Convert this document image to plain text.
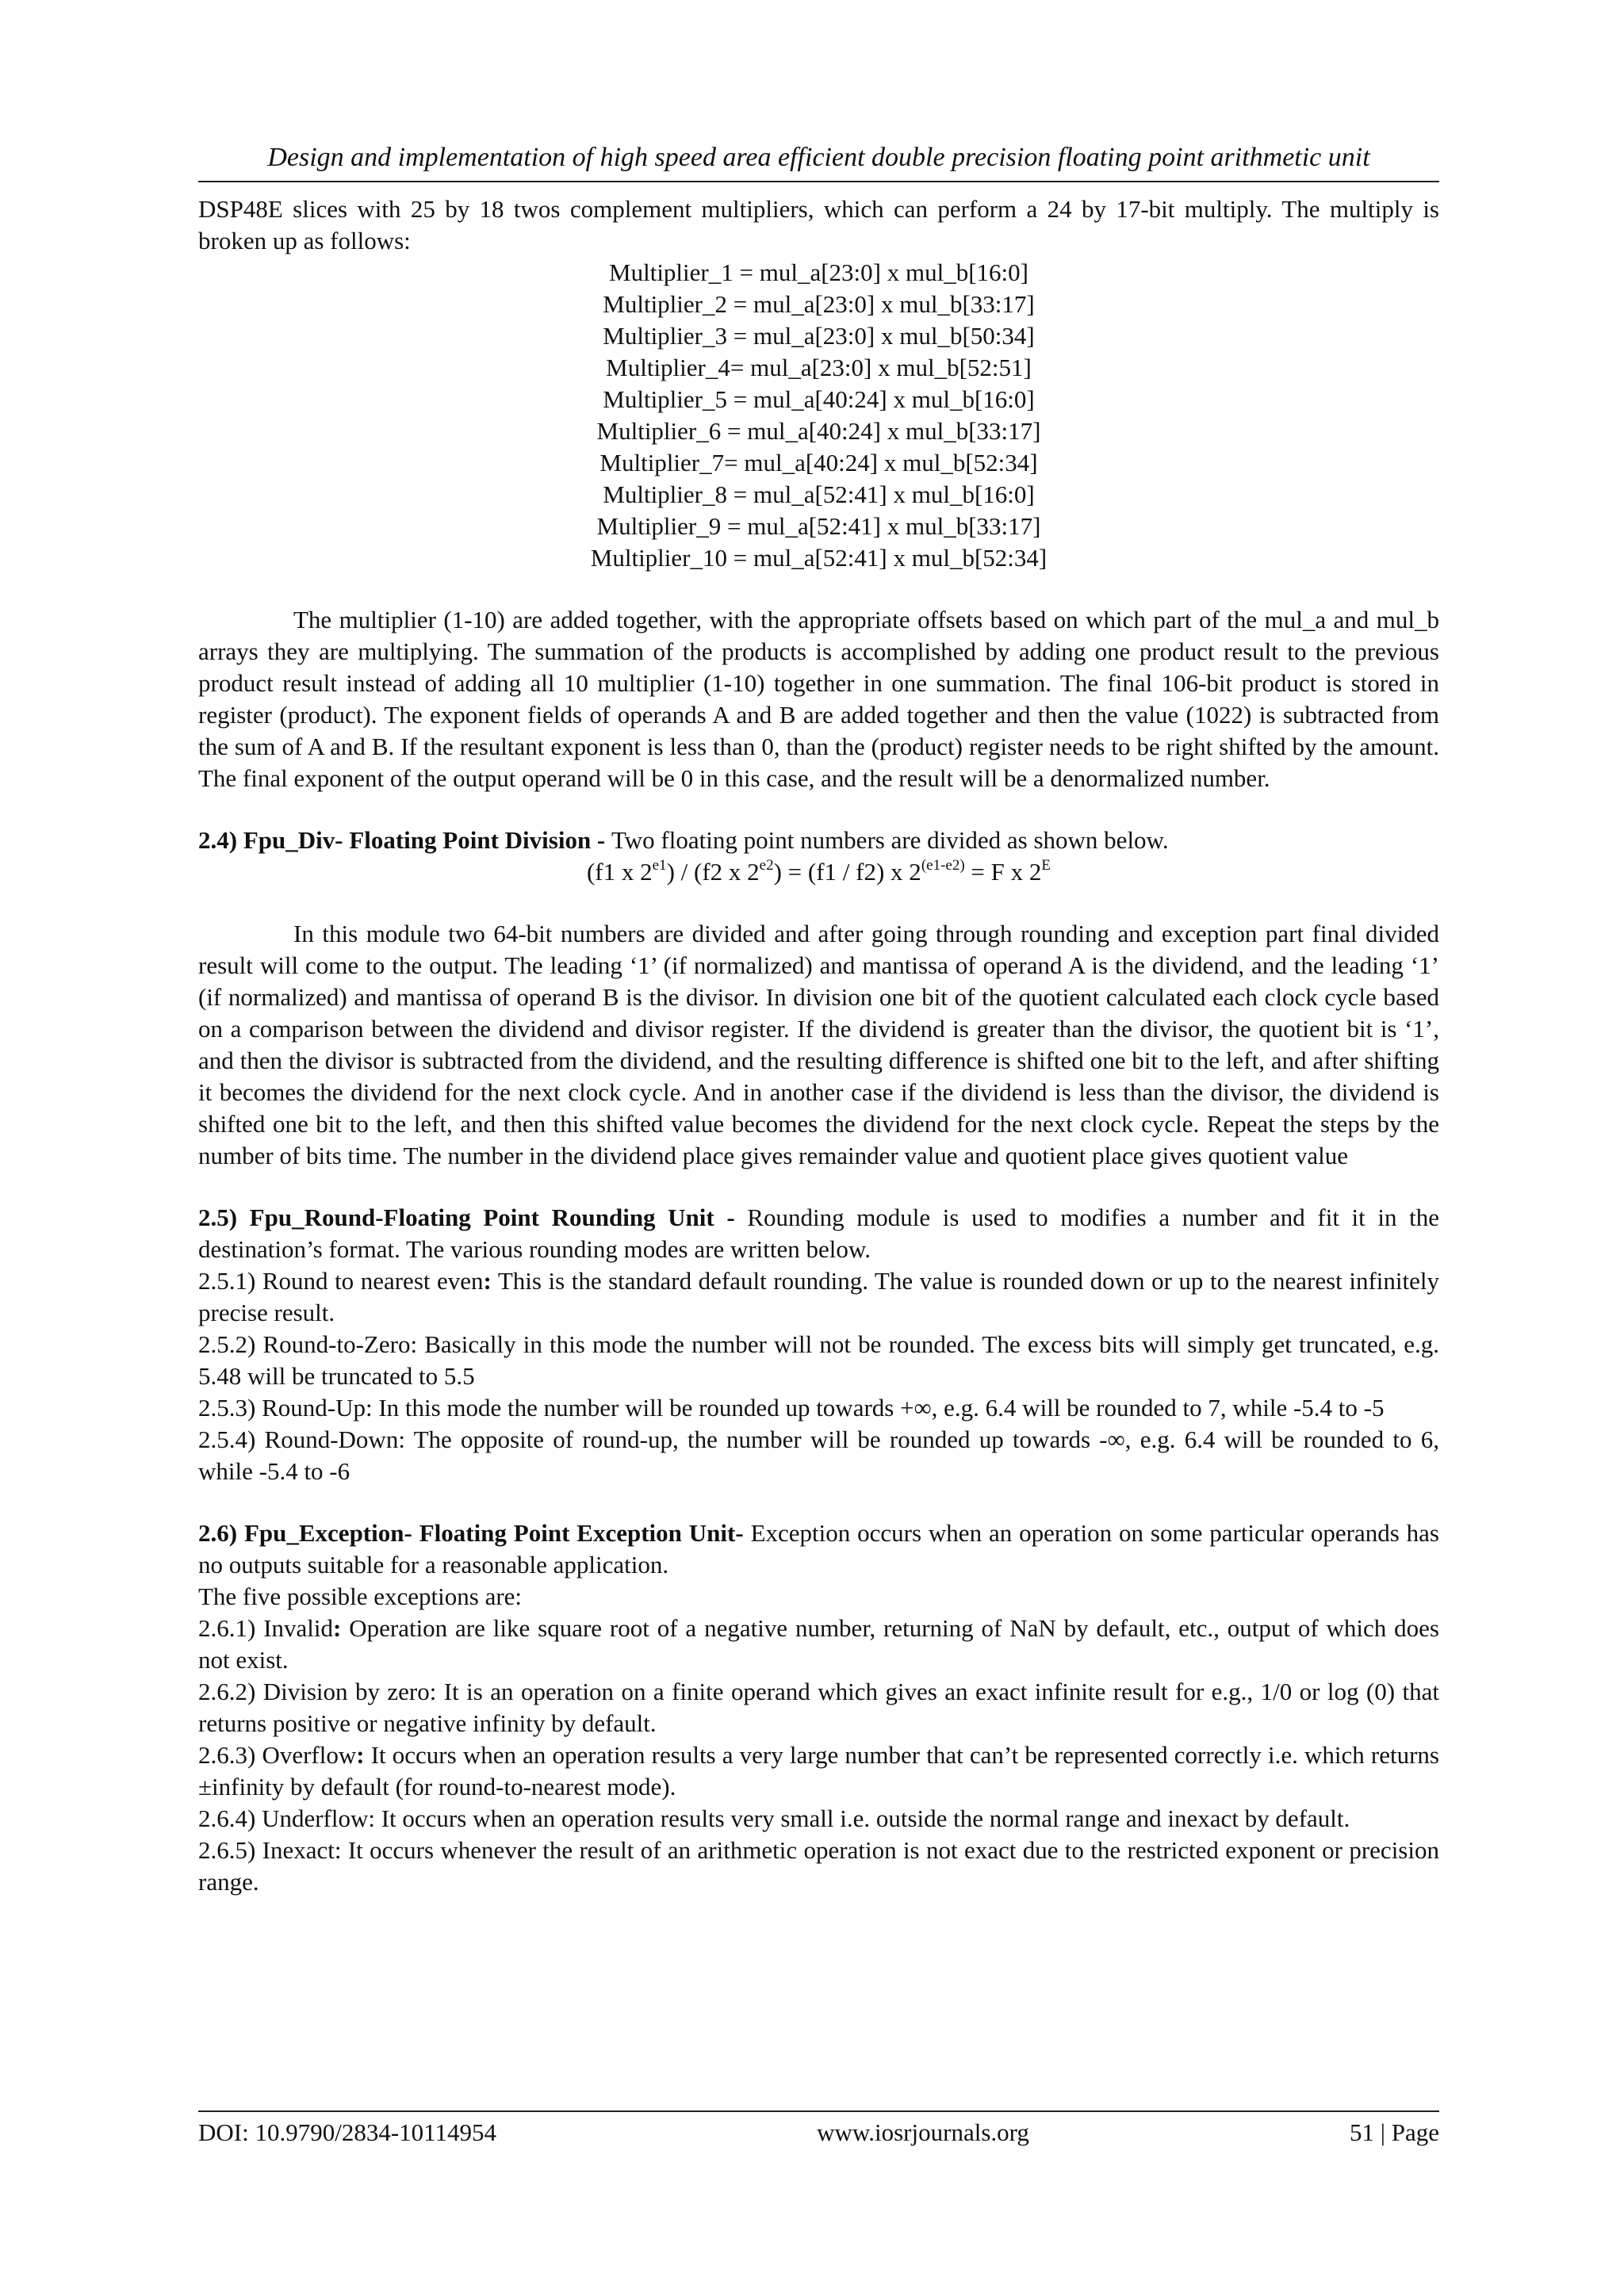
Design and implementation of high speed area efficient double precision floating point arithmetic unit

DSP48E slices with 25 by 18 twos complement multipliers, which can perform a 24 by 17-bit multiply. The multiply is broken up as follows:

Multiplier_1 = mul_a[23:0] x mul_b[16:0]
Multiplier_2 = mul_a[23:0] x mul_b[33:17]
Multiplier_3 = mul_a[23:0] x mul_b[50:34]
Multiplier_4= mul_a[23:0] x mul_b[52:51]
Multiplier_5 = mul_a[40:24] x mul_b[16:0]
Multiplier_6 = mul_a[40:24] x mul_b[33:17]
Multiplier_7= mul_a[40:24] x mul_b[52:34]
Multiplier_8 = mul_a[52:41] x mul_b[16:0]
Multiplier_9 = mul_a[52:41] x mul_b[33:17]
Multiplier_10 = mul_a[52:41] x mul_b[52:34]

The multiplier (1-10) are added together, with the appropriate offsets based on which part of the mul_a and mul_b arrays they are multiplying. The summation of the products is accomplished by adding one product result to the previous product result instead of adding all 10 multiplier (1-10) together in one summation. The final 106-bit product is stored in register (product). The exponent fields of operands A and B are added together and then the value (1022) is subtracted from the sum of A and B. If the resultant exponent is less than 0, than the (product) register needs to be right shifted by the amount. The final exponent of the output operand will be 0 in this case, and the result will be a denormalized number.

2.4) Fpu_Div- Floating Point Division - Two floating point numbers are divided as shown below.

(f1 x $2^{e1}) / (f2$ x $2^{e2}) = (f1 / f2)$ x $2^{(e1-e2)} = F$ x $2^E$

In this module two 64-bit numbers are divided and after going through rounding and exception part final divided result will come to the output. The leading ‘1’ (if normalized) and mantissa of operand A is the dividend, and the leading ‘1’ (if normalized) and mantissa of operand B is the divisor. In division one bit of the quotient calculated each clock cycle based on a comparison between the dividend and divisor register. If the dividend is greater than the divisor, the quotient bit is ‘1’, and then the divisor is subtracted from the dividend, and the resulting difference is shifted one bit to the left, and after shifting it becomes the dividend for the next clock cycle. And in another case if the dividend is less than the divisor, the dividend is shifted one bit to the left, and then this shifted value becomes the dividend for the next clock cycle. Repeat the steps by the number of bits time. The number in the dividend place gives remainder value and quotient place gives quotient value

2.5) Fpu_Round-Floating Point Rounding Unit - Rounding module is used to modifies a number and fit it in the destination’s format. The various rounding modes are written below.

2.5.1) Round to nearest even: This is the standard default rounding. The value is rounded down or up to the nearest infinitely precise result.

2.5.2) Round-to-Zero: Basically in this mode the number will not be rounded. The excess bits will simply get truncated, e.g. 5.48 will be truncated to 5.5

2.5.3) Round-Up: In this mode the number will be rounded up towards +∞, e.g. 6.4 will be rounded to 7, while -5.4 to -5

2.5.4) Round-Down: The opposite of round-up, the number will be rounded up towards -∞, e.g. 6.4 will be rounded to 6, while -5.4 to -6

2.6) Fpu_Exception- Floating Point Exception Unit- Exception occurs when an operation on some particular operands has no outputs suitable for a reasonable application.

The five possible exceptions are:

2.6.1) Invalid: Operation are like square root of a negative number, returning of NaN by default, etc., output of which does not exist.

2.6.2) Division by zero: It is an operation on a finite operand which gives an exact infinite result for e.g., 1/0 or log (0) that returns positive or negative infinity by default.

2.6.3) Overflow: It occurs when an operation results a very large number that can’t be represented correctly i.e. which returns ±infinity by default (for round-to-nearest mode).

2.6.4) Underflow: It occurs when an operation results very small i.e. outside the normal range and inexact by default.

2.6.5) Inexact: It occurs whenever the result of an arithmetic operation is not exact due to the restricted exponent or precision range.

DOI: 10.9790/2834-10114954	www.iosrjournals.org	51 | Page
